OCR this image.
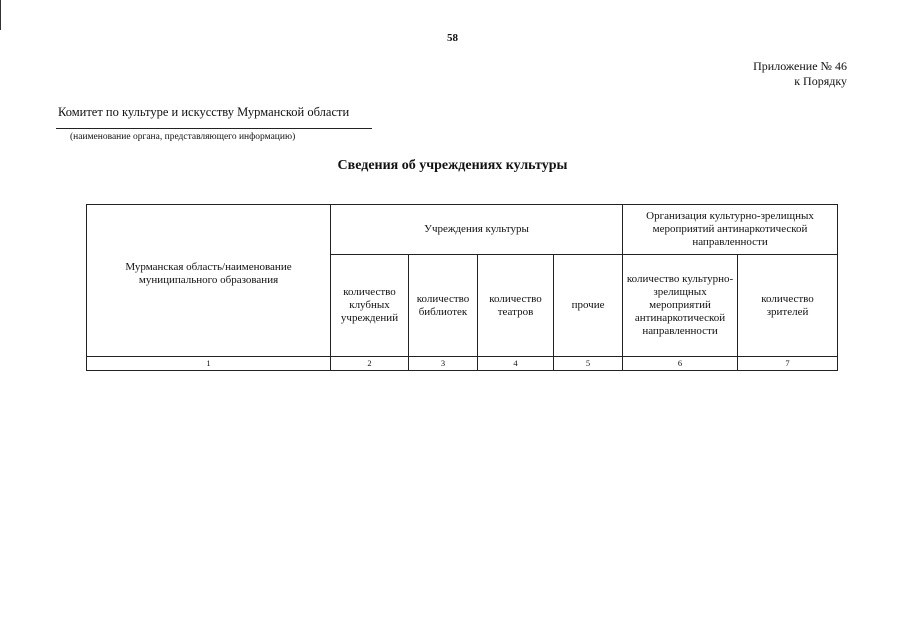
58
Приложение № 46
к Порядку
Комитет по культуре и искусству Мурманской области
(наименование органа, представляющего информацию)
Сведения об учреждениях культуры
Мурманская область/наименование муниципального образования	Учреждения культуры				Организация культурно-зрелищных мероприятий антинаркотической направленности	
	количество клубных учреждений	количество библиотек	количество театров	прочие	количество культурно-зрелищных мероприятий антинаркотической направленности	количество зрителей
1	2	3	4	5	6	7
